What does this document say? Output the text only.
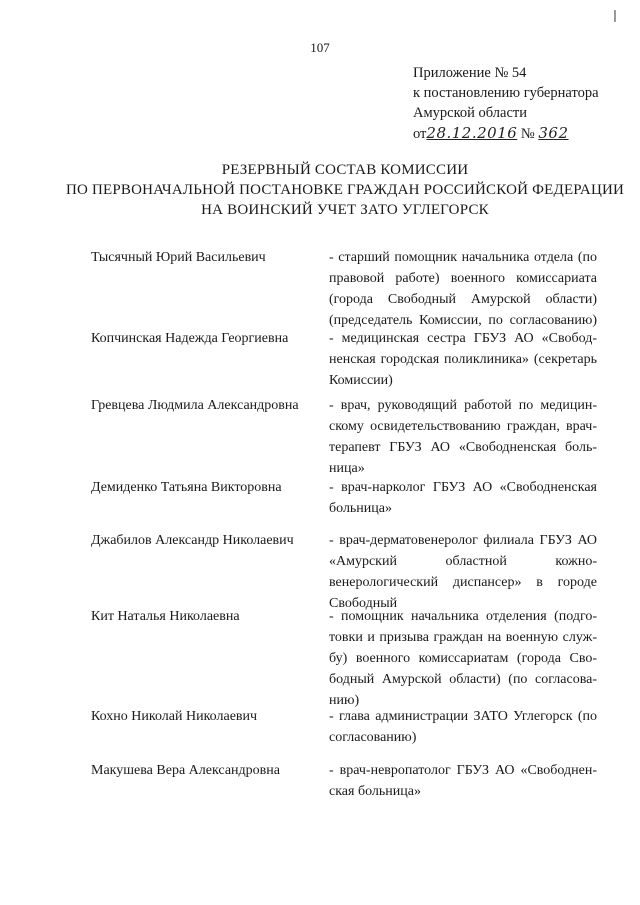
107
Приложение № 54
к постановлению губернатора
Амурской области
от28.12.2016 № 362
РЕЗЕРВНЫЙ СОСТАВ КОМИССИИ
ПО ПЕРВОНАЧАЛЬНОЙ ПОСТАНОВКЕ ГРАЖДАН РОССИЙСКОЙ ФЕДЕРАЦИИ
НА ВОИНСКИЙ УЧЕТ ЗАТО УГЛЕГОРСК
Тысячный Юрий Васильевич	- старший помощник начальника отдела (по
правовой работе) военного комиссариата
(города Свободный Амурской области)
(председатель Комиссии, по согласованию)
Копчинская Надежда Георгиевна	- медицинская сестра ГБУЗ АО «Свобод-
ненская городская поликлиника» (секретарь
Комиссии)
Гревцева Людмила Александровна - врач, руководящий работой по медицин-
скому освидетельствованию граждан, врач-
терапевт ГБУЗ АО «Свободненская боль-
ница»
Демиденко Татьяна Викторовна	- врач-нарколог ГБУЗ АО «Свободненская
больница»
Джабилов Александр Николаевич	- врач-дерматовенеролог филиала ГБУЗ АО
«Амурский областной кожно-
венерологический диспансер» в городе
Свободный
Кит Наталья Николаевна	- помощник начальника отделения (подго-
товки и призыва граждан на военную служ-
бу) военного комиссариатам (города Сво-
бодный Амурской области) (по согласова-
нию)
Кохно Николай Николаевич	- глава администрации ЗАТО Углегорск (по
согласованию)
Макушева Вера Александровна	- врач-невропатолог ГБУЗ АО «Свободнен-
ская больница»
